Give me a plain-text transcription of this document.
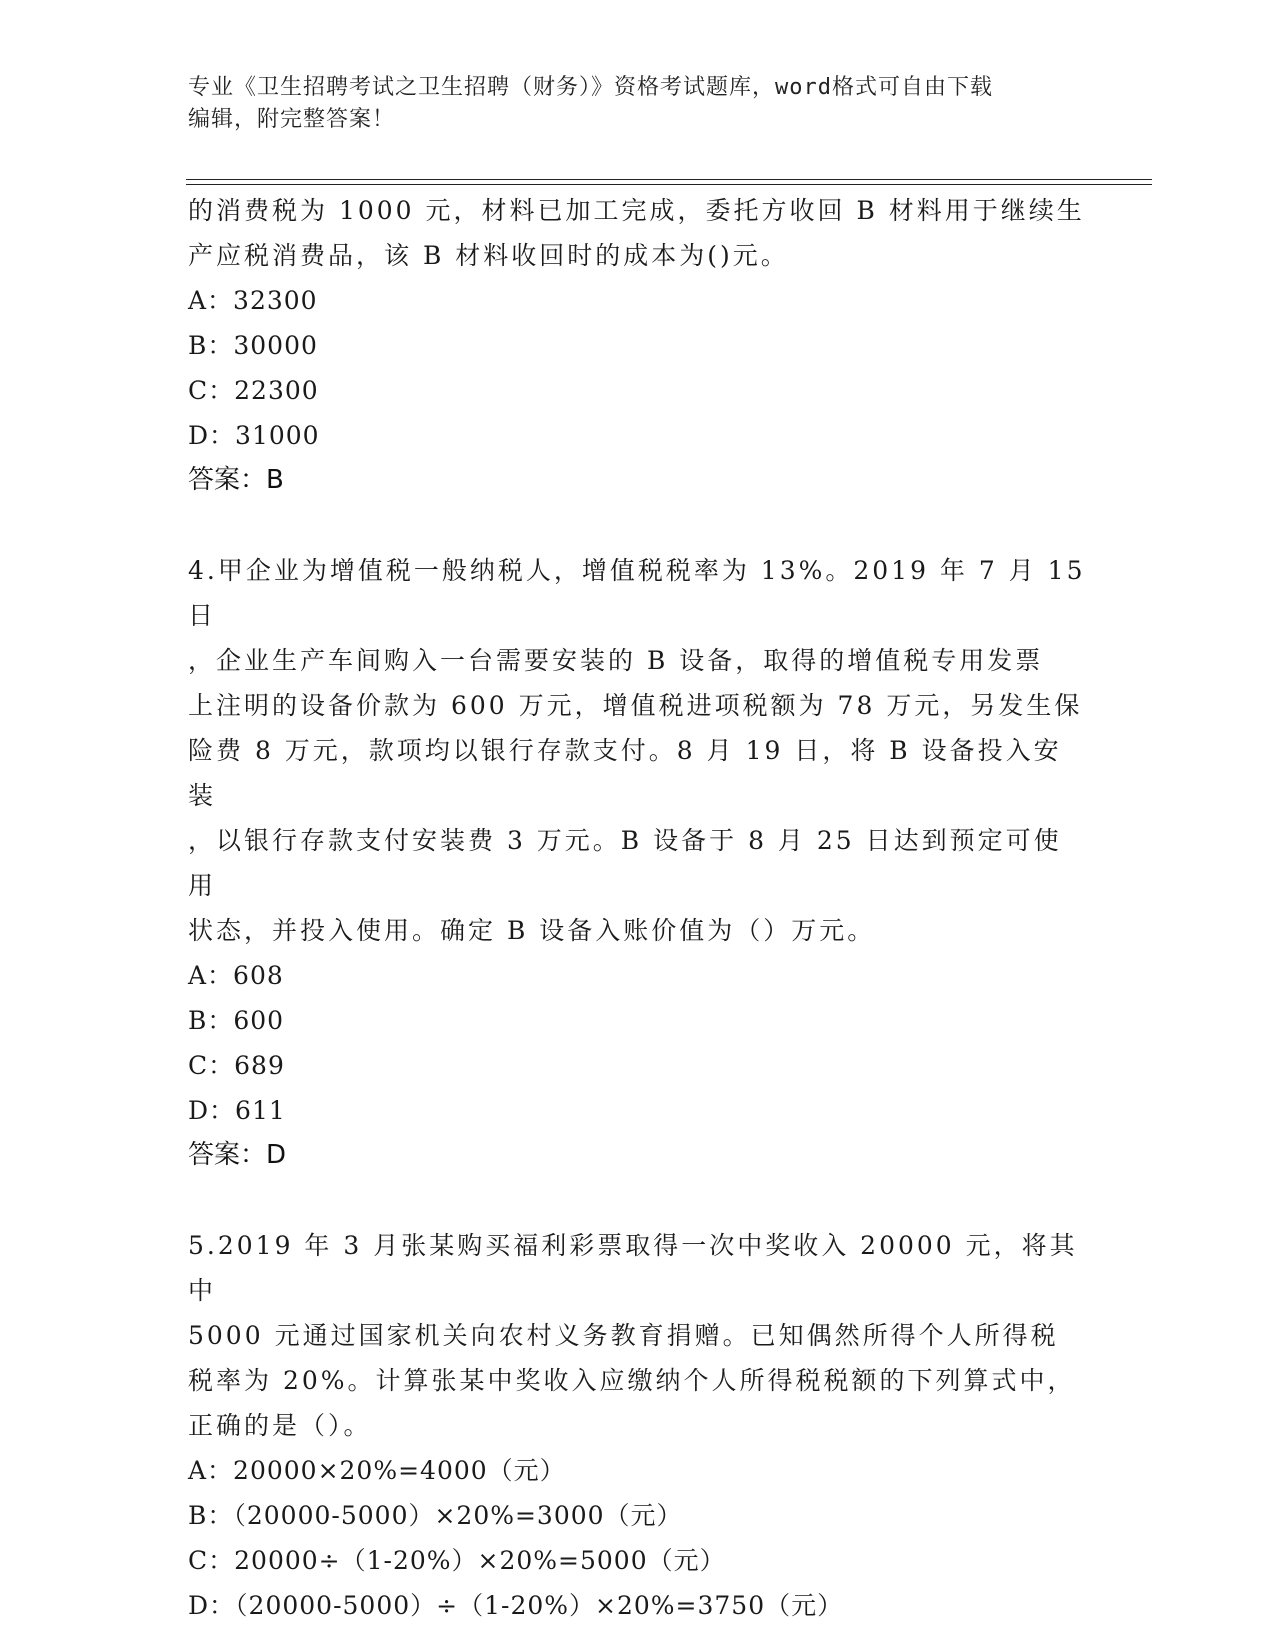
专业《卫生招聘考试之卫生招聘（财务）》资格考试题库，word格式可自由下载
编辑，附完整答案！

的消费税为 1000 元，材料已加工完成，委托方收回 B 材料用于继续生

产应税消费品，该 B 材料收回时的成本为()元。

A：32300

B：30000

C：22300

D：31000

答案：B

4.甲企业为增值税一般纳税人，增值税税率为 13%。2019 年 7 月 15 日

，企业生产车间购入一台需要安装的 B 设备，取得的增值税专用发票

上注明的设备价款为 600 万元，增值税进项税额为 78 万元，另发生保

险费 8 万元，款项均以银行存款支付。8 月 19 日，将 B 设备投入安装

，以银行存款支付安装费 3 万元。B 设备于 8 月 25 日达到预定可使用

状态，并投入使用。确定 B 设备入账价值为（）万元。

A：608

B：600

C：689

D：611

答案：D

5.2019 年 3 月张某购买福利彩票取得一次中奖收入 20000 元，将其中

5000 元通过国家机关向农村义务教育捐赠。已知偶然所得个人所得税

税率为 20%。计算张某中奖收入应缴纳个人所得税税额的下列算式中，

正确的是（）。

A：20000×20%=4000（元）

B：（20000-5000）×20%=3000（元）

C：20000÷（1-20%）×20%=5000（元）

D：（20000-5000）÷（1-20%）×20%=3750（元）
